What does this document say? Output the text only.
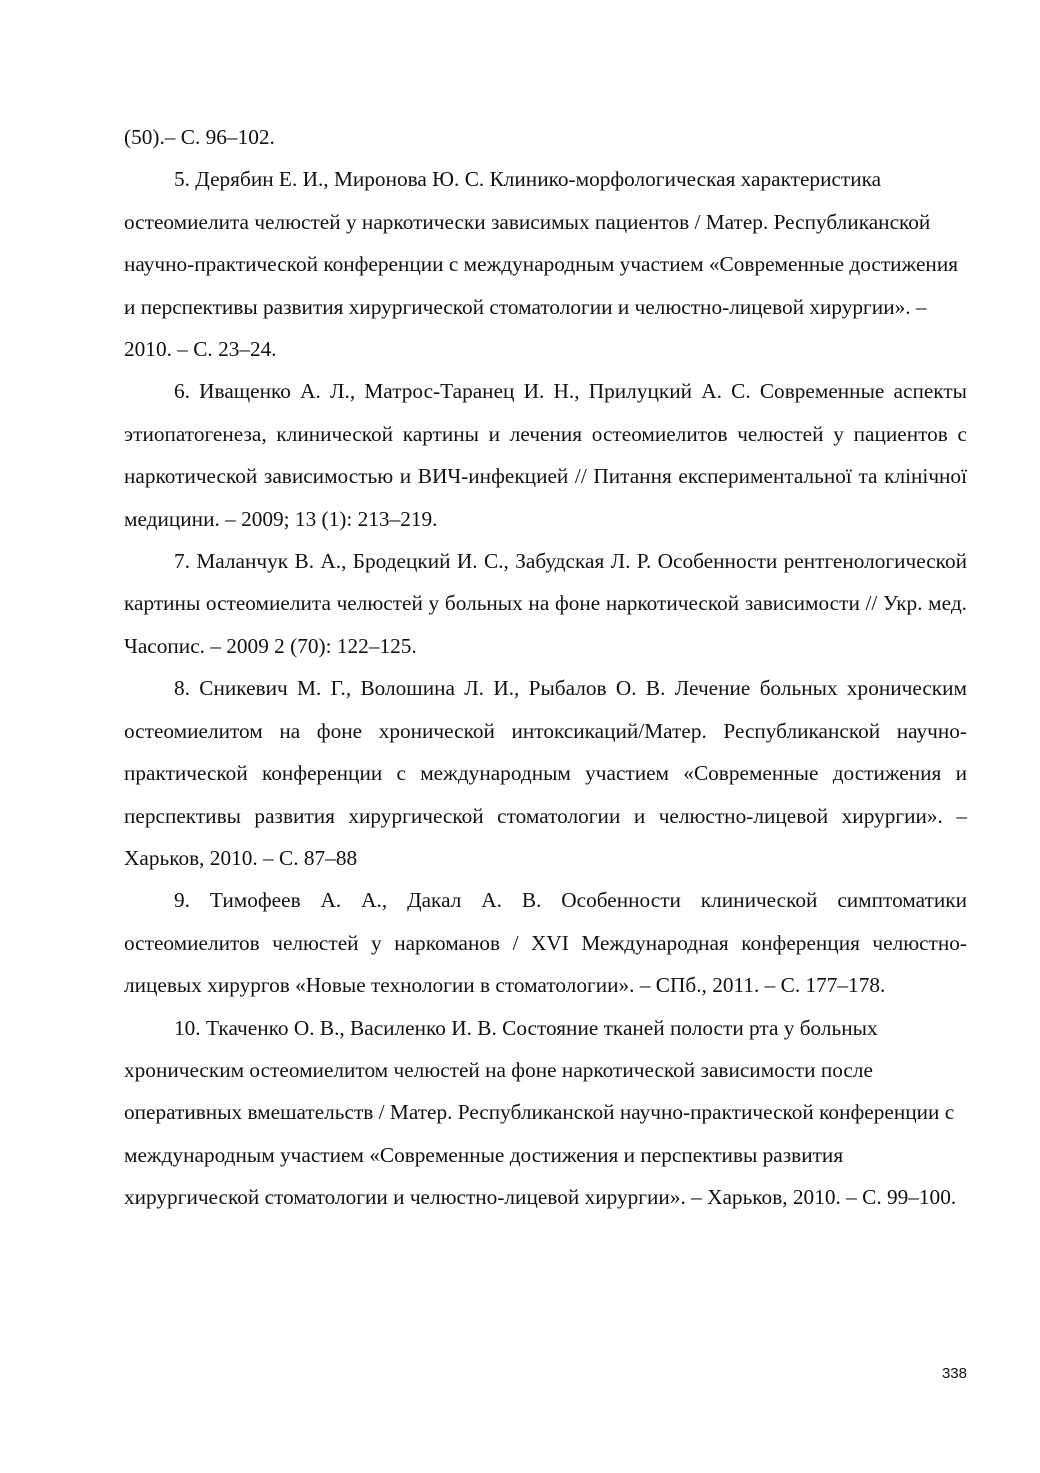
(50).– С. 96–102.

5. Дерябин Е. И., Миронова Ю. С. Клинико-морфологическая характеристика остеомиелита челюстей у наркотически зависимых пациентов / Матер. Республиканской научно-практической конференции с международным участием «Современные достижения и перспективы развития хирургической стоматологии и челюстно-лицевой хирургии». – 2010. – С. 23–24.

6. Иващенко А. Л., Матрос-Таранец И. Н., Прилуцкий А. С. Современные аспекты этиопатогенеза, клинической картины и лечения остеомиелитов челюстей у пациентов с наркотической зависимостью и ВИЧ-инфекцией // Питання експериментальної та клінічної медицини. – 2009; 13 (1): 213–219.

7. Маланчук В. А., Бродецкий И. С., Забудская Л. Р. Особенности рентгенологической картины остеомиелита челюстей у больных на фоне наркотической зависимости // Укр. мед. Часопис. – 2009 2 (70): 122–125.

8. Сникевич М. Г., Волошина Л. И., Рыбалов О. В. Лечение больных хроническим остеомиелитом на фоне хронической интоксикаций/Матер. Республиканской научно-практической конференции с международным участием «Современные достижения и перспективы развития хирургической стоматологии и челюстно-лицевой хирургии». – Харьков, 2010. – С. 87–88

9. Тимофеев А. А., Дакал А. В. Особенности клинической симптоматики остеомиелитов челюстей у наркоманов / XVI Международная конференция челюстно-лицевых хирургов «Новые технологии в стоматологии». – СПб., 2011. – С. 177–178.

10. Ткаченко О. В., Василенко И. В. Состояние тканей полости рта у больных хроническим остеомиелитом челюстей на фоне наркотической зависимости после оперативных вмешательств / Матер. Республиканской научно-практической конференции с международным участием «Современные достижения и перспективы развития хирургической стоматологии и челюстно-лицевой хирургии». – Харьков, 2010. – С. 99–100.

338
